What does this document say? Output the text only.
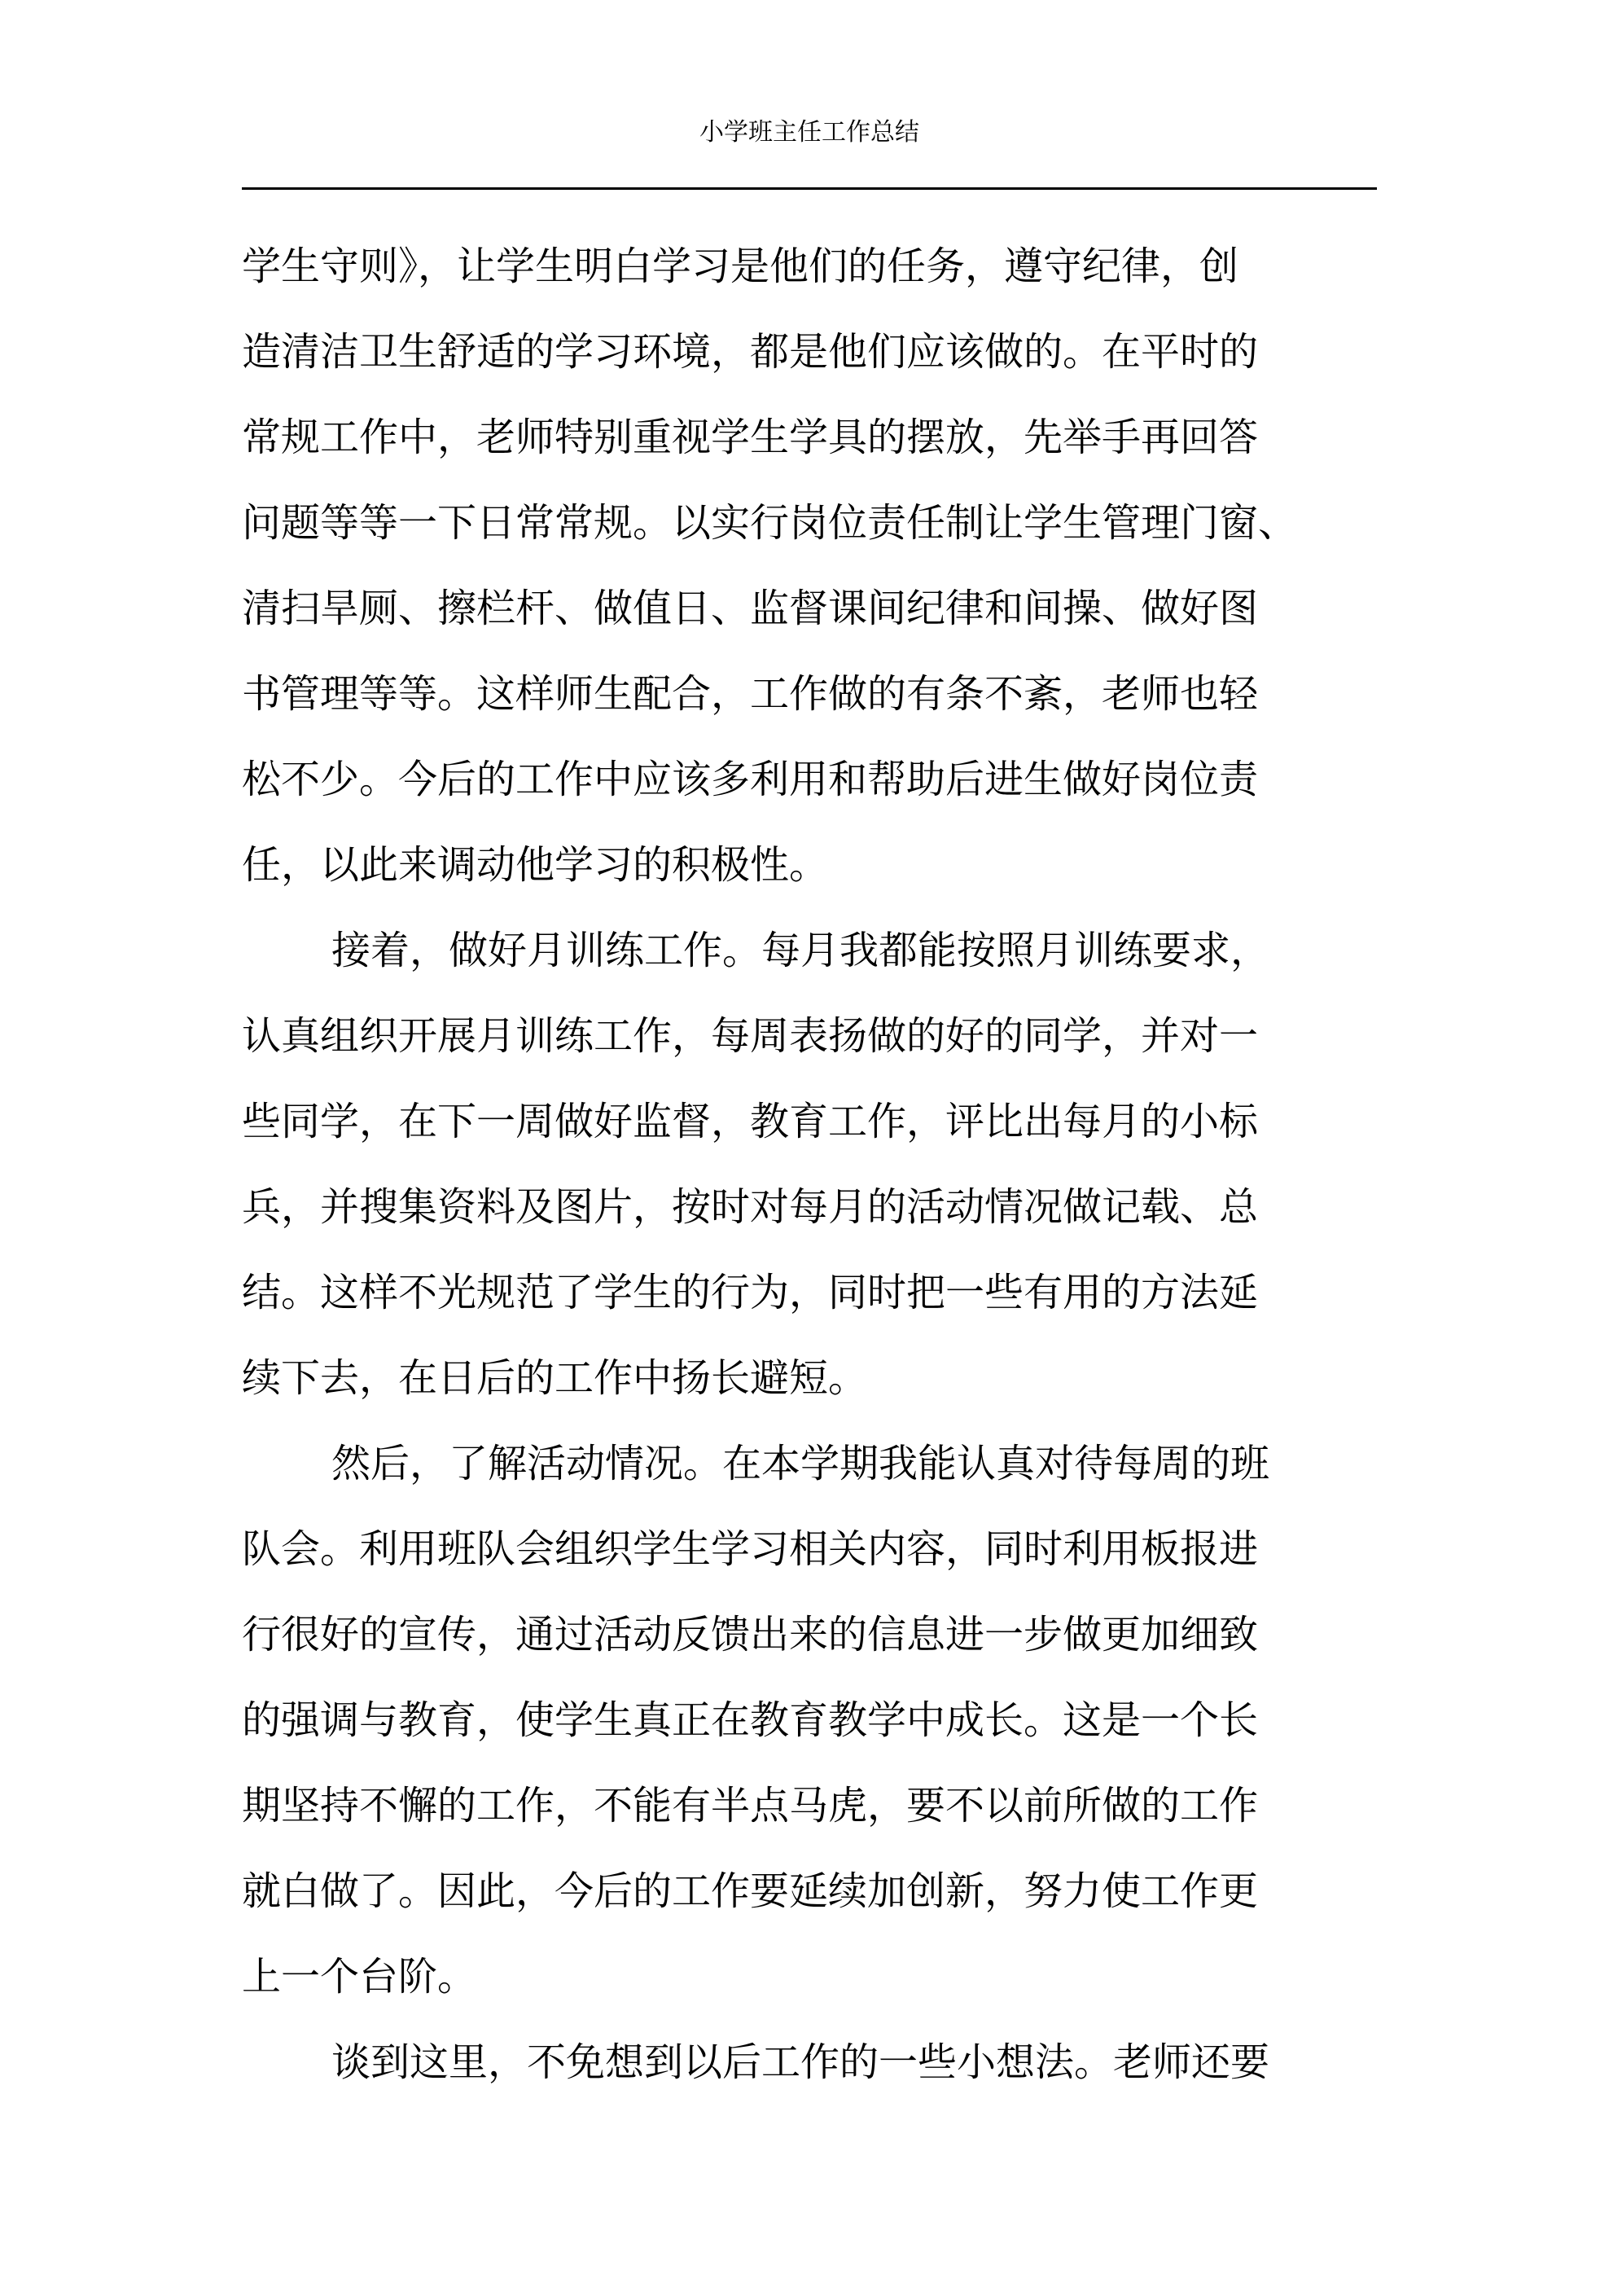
小学班主任工作总结
学生守则》，让学生明白学习是他们的任务，遵守纪律，创
造清洁卫生舒适的学习环境，都是他们应该做的。在平时的
常规工作中，老师特别重视学生学具的摆放，先举手再回答
问题等等一下日常常规。以实行岗位责任制让学生管理门窗、
清扫旱厕、擦栏杆、做值日、监督课间纪律和间操、做好图
书管理等等。这样师生配合，工作做的有条不紊，老师也轻
松不少。今后的工作中应该多利用和帮助后进生做好岗位责
任，以此来调动他学习的积极性。
接着，做好月训练工作。每月我都能按照月训练要求，
认真组织开展月训练工作，每周表扬做的好的同学，并对一
些同学，在下一周做好监督，教育工作，评比出每月的小标
兵，并搜集资料及图片，按时对每月的活动情况做记载、总
结。这样不光规范了学生的行为，同时把一些有用的方法延
续下去，在日后的工作中扬长避短。
然后，了解活动情况。在本学期我能认真对待每周的班
队会。利用班队会组织学生学习相关内容，同时利用板报进
行很好的宣传，通过活动反馈出来的信息进一步做更加细致
的强调与教育，使学生真正在教育教学中成长。这是一个长
期坚持不懈的工作，不能有半点马虎，要不以前所做的工作
就白做了。因此，今后的工作要延续加创新，努力使工作更
上一个台阶。
谈到这里，不免想到以后工作的一些小想法。老师还要
